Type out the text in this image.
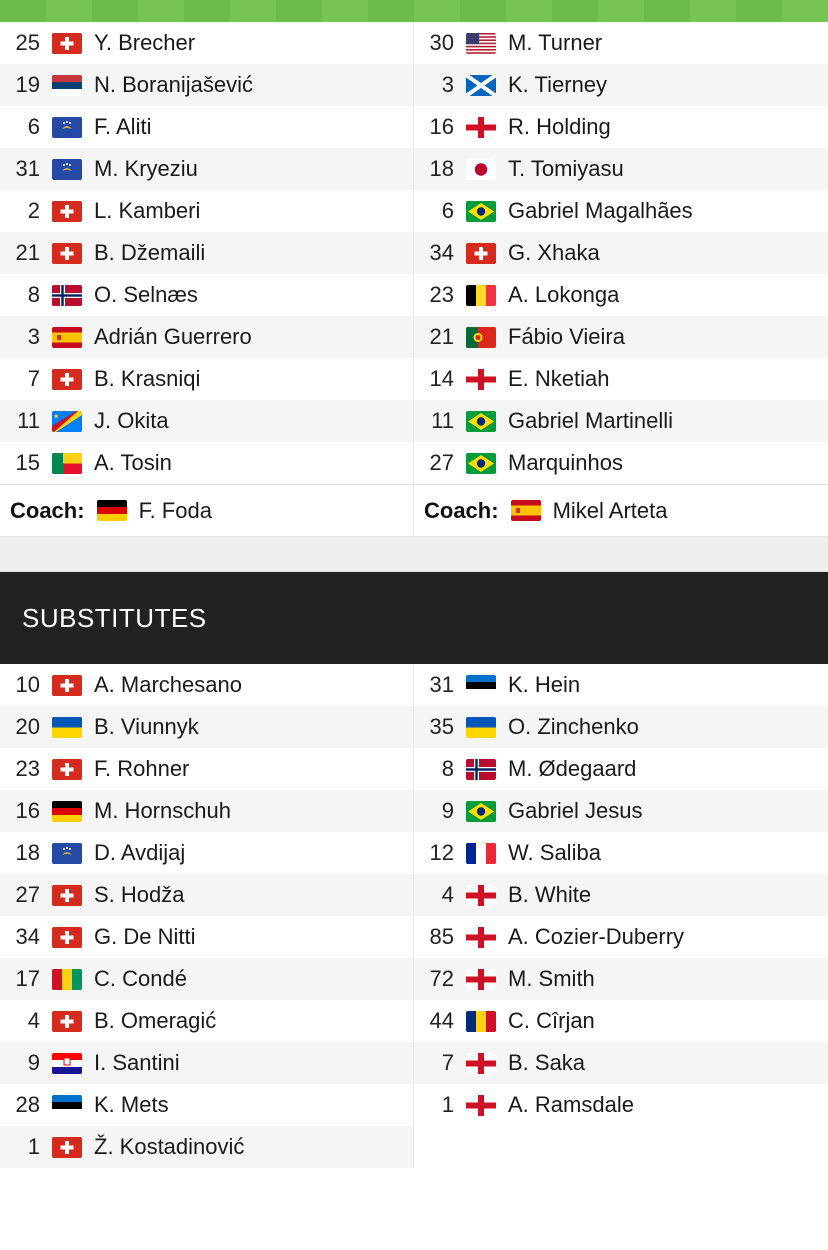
25	Y. Brecher
19	N. Boranijašević
6	F. Aliti
31	M. Kryeziu
2	L. Kamberi
21	B. Džemaili
8	O. Selnæs
3	Adrián Guerrero
7	B. Krasniqi
11	J. Okita
15	A. Tosin
Coach: F. Foda
30	M. Turner
3	K. Tierney
16	R. Holding
18	T. Tomiyasu
6	Gabriel Magalhães
34	G. Xhaka
23	A. Lokonga
21	Fábio Vieira
14	E. Nketiah
11	Gabriel Martinelli
27	Marquinhos
Coach: Mikel Arteta
SUBSTITUTES
10	A. Marchesano
20	B. Viunnyk
23	F. Rohner
16	M. Hornschuh
18	D. Avdijaj
27	S. Hodža
34	G. De Nitti
17	C. Condé
4	B. Omeragić
9	I. Santini
28	K. Mets
1	Ž. Kostadinović
31	K. Hein
35	O. Zinchenko
8	M. Ødegaard
9	Gabriel Jesus
12	W. Saliba
4	B. White
85	A. Cozier-Duberry
72	M. Smith
44	C. Cîrjan
7	B. Saka
1	A. Ramsdale
